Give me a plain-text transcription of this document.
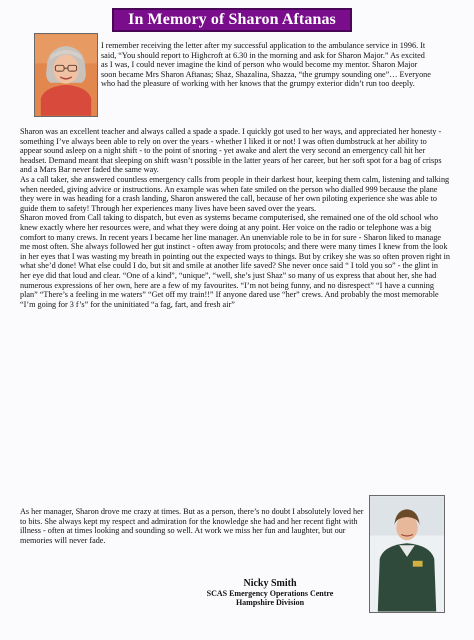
In Memory of Sharon Aftanas

I remember receiving the letter after my successful application to the ambulance service in 1996. It said, “You should report to Highcroft at 6.30 in the morning and ask for Sharon Major.” As excited as I was, I could never imagine the kind of person who would become my mentor. Sharon Major soon became Mrs Sharon Aftanas; Shaz, Shazalina, Shazza, “the grumpy sounding one”… Everyone who had the pleasure of working with her knows that the grumpy exterior didn’t run too deeply.

Sharon was an excellent teacher and always called a spade a spade. I quickly got used to her ways, and appreciated her honesty - something I’ve always been able to rely on over the years - whether I liked it or not! I was often dumbstruck at her ability to appear sound asleep on a night shift - to the point of snoring - yet awake and alert the very second an emergency call hit her headset. Demand meant that sleeping on shift wasn’t possible in the latter years of her career, but her soft spot for a bag of crisps and a Mars Bar never faded the same way.

As a call taker, she answered countless emergency calls from people in their darkest hour, keeping them calm, listening and talking when needed, giving advice or instructions. An example was when fate smiled on the person who dialled 999 because the plane they were in was heading for a crash landing, Sharon answered the call, because of her own piloting experience she was able to guide them to safety! Through her experiences many lives have been saved over the years.

Sharon moved from Call taking to dispatch, but even as systems became computerised, she remained one of the old school who knew exactly where her resources were, and what they were doing at any point. Her voice on the radio or telephone was a big comfort to many crews. In recent years I became her line manager. An unenviable role to be in for sure - Sharon liked to manage me most often. She always followed her gut instinct - often away from protocols; and there were many times I knew from the look in her eyes that I was wasting my breath in pointing out the expected ways to things. But by crikey she was so often proven right in what she’d done! What else could I do, but sit and smile at another life saved? She never once said “ I told you so” - the glint in her eye did that loud and clear. “One of a kind”, “unique”, “well, she’s just Shaz” so many of us express that about her, she had numerous expressions of her own, here are a few of my favourites. “I’m not being funny, and no disrespect” “I have a cunning plan” “There’s a feeling in me waters” “Get off my train!!” If anyone dared use “her” crews. And probably the most memorable “I’m going for 3 f’s” for the uninitiated “a fag, fart, and fresh air”

As her manager, Sharon drove me crazy at times. But as a person, there’s no doubt I absolutely loved her to bits. She always kept my respect and admiration for the knowledge she had and her recent fight with illness - often at times looking and sounding so well. At work we miss her fun and laughter, but our memories will never fade.

Nicky Smith
SCAS Emergency Operations Centre
Hampshire Division
